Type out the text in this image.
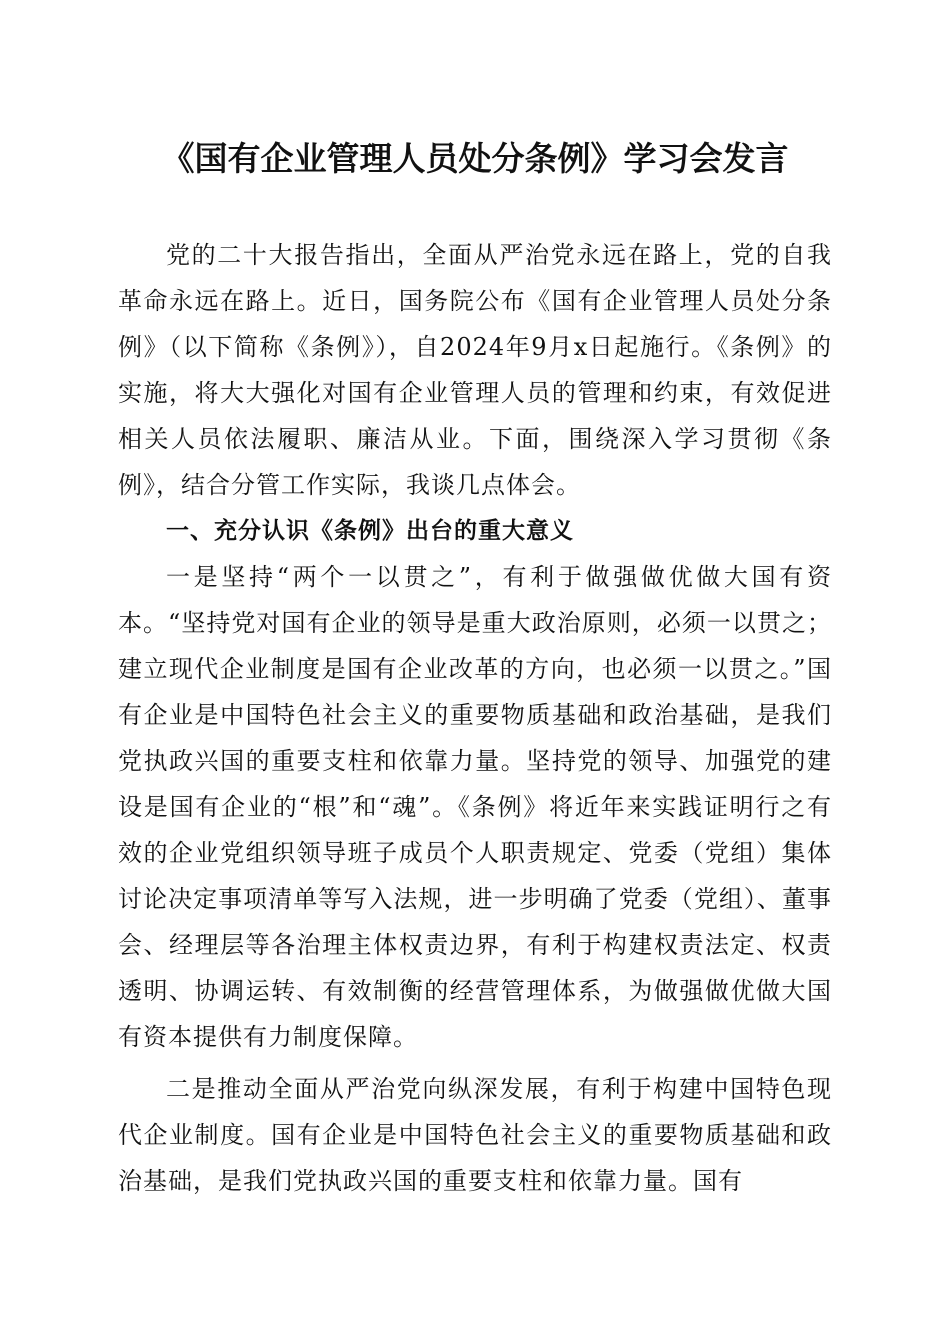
《国有企业管理人员处分条例》学习会发言

党的二十大报告指出，全面从严治党永远在路上，党的自我革命永远在路上。近日，国务院公布《国有企业管理人员处分条例》（以下简称《条例》），自2024年9月x日起施行。《条例》的实施，将大大强化对国有企业管理人员的管理和约束，有效促进相关人员依法履职、廉洁从业。下面，围绕深入学习贯彻《条例》，结合分管工作实际，我谈几点体会。

一、充分认识《条例》出台的重大意义

一是坚持“两个一以贯之”，有利于做强做优做大国有资本。“坚持党对国有企业的领导是重大政治原则，必须一以贯之；建立现代企业制度是国有企业改革的方向，也必须一以贯之。”国有企业是中国特色社会主义的重要物质基础和政治基础，是我们党执政兴国的重要支柱和依靠力量。坚持党的领导、加强党的建设是国有企业的“根”和“魂”。《条例》将近年来实践证明行之有效的企业党组织领导班子成员个人职责规定、党委（党组）集体讨论决定事项清单等写入法规，进一步明确了党委（党组）、董事会、经理层等各治理主体权责边界，有利于构建权责法定、权责透明、协调运转、有效制衡的经营管理体系，为做强做优做大国有资本提供有力制度保障。

二是推动全面从严治党向纵深发展，有利于构建中国特色现代企业制度。国有企业是中国特色社会主义的重要物质基础和政治基础，是我们党执政兴国的重要支柱和依靠力量。国有
